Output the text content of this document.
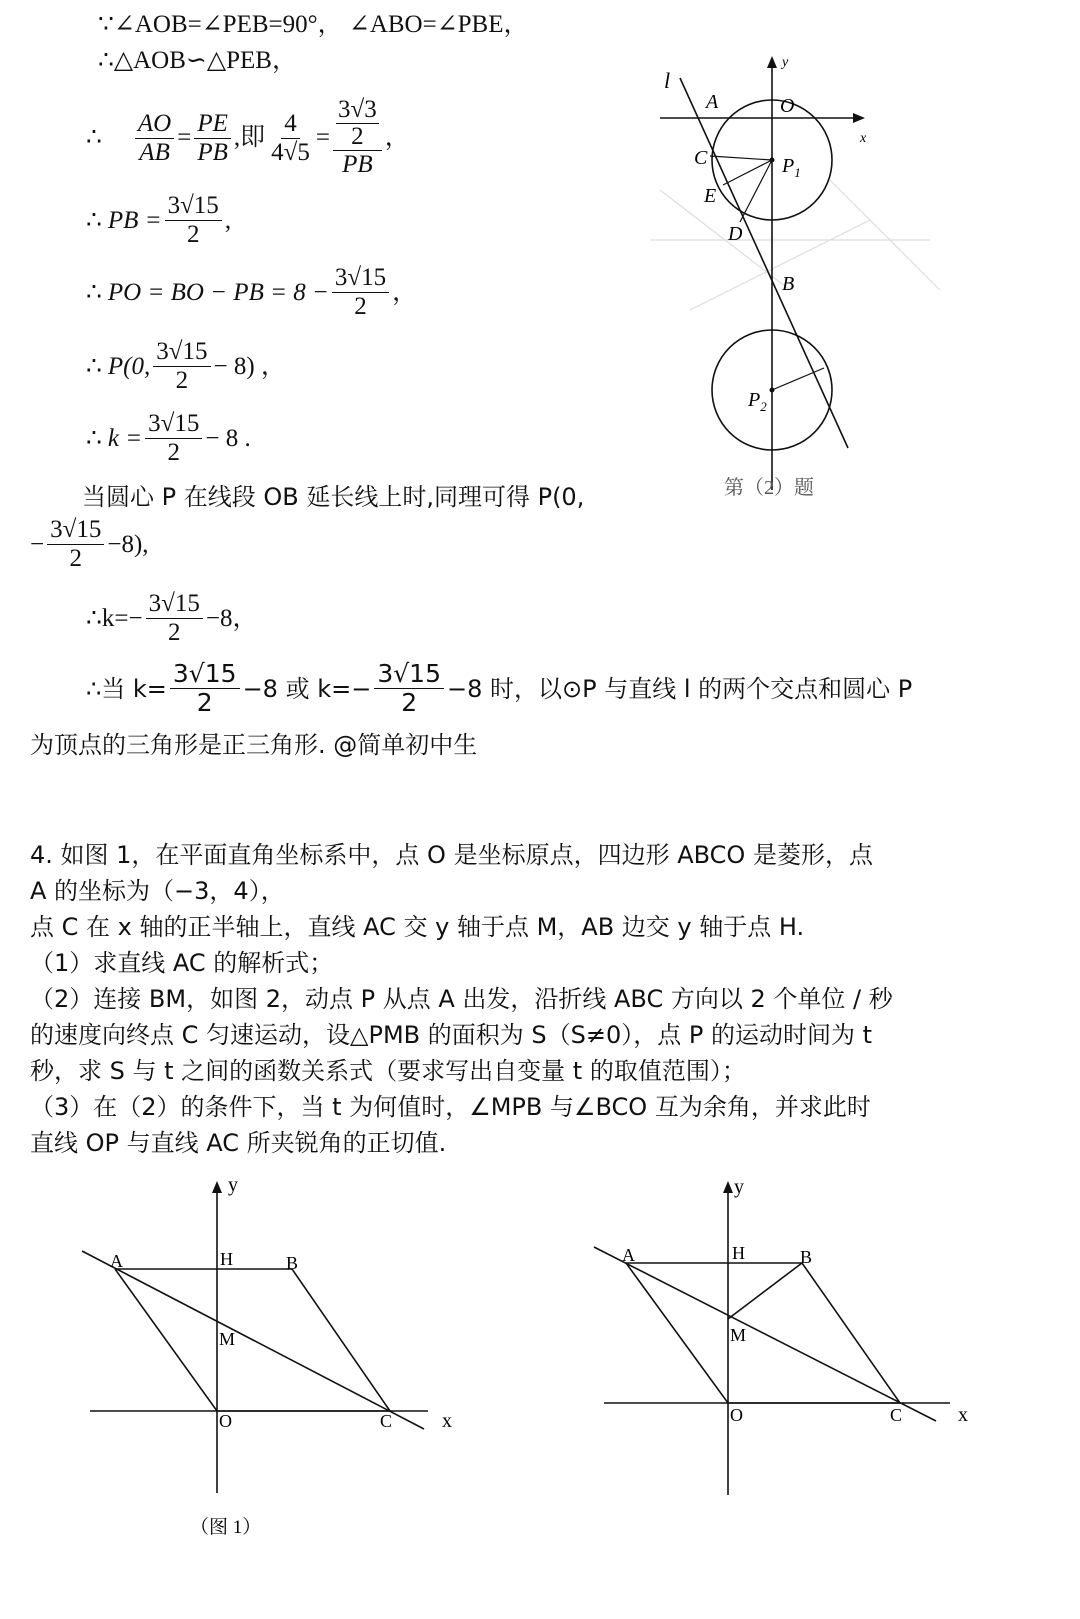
∵∠AOB=∠PEB=90°， ∠ABO=∠PBE，
∴△AOB∽△PEB，
∴ $\frac{AO}{AB} = \frac{PE}{PB}$ ,即 $\frac{4}{4√5} = 3√3$
2
PB ，
∴ PB = $\frac{3√15}{2}$ ,
∴ PO = BO − PB = $8 - \frac{3√15}{2}$ ，
∴ P(0, $\frac{3√15}{2} - 8$) ，
∴ $k = \frac{3√15}{2} - 8$ .
当圆心 P 在线段 OB 延长线上时,同理可得 P(0,
− $\frac{3√15}{2} -8$),
∴k=− $\frac{3√15}{2} -8$，
∴当 $k= \frac{3√15}{2} -8$ 或 $k=- \frac{3√15}{2} -8$ 时，以⊙P 与直线 l 的两个交点和圆心 P
为顶点的三角形是正三角形. @简单初中生
l
A	O
x
y
C	$P_1$
E
D
B
$P_2$
第（2）题
4. 如图 1，在平面直角坐标系中，点 O 是坐标原点，四边形 ABCO 是菱形，点
A 的坐标为（−3，4），
点 C 在 x 轴的正半轴上，直线 AC 交 y 轴于点 M，AB 边交 y 轴于点 H.
（1）求直线 AC 的解析式；
（2）连接 BM，如图 2，动点 P 从点 A 出发，沿折线 ABC 方向以 2 个单位 / 秒
的速度向终点 C 匀速运动，设△PMB 的面积为 S（S≠0），点 P 的运动时间为 t
秒，求 S 与 t 之间的函数关系式（要求写出自变量 t 的取值范围）；
（3）在（2）的条件下，当 t 为何值时，∠MPB 与∠BCO 互为余角，并求此时
直线 OP 与直线 AC 所夹锐角的正切值.
y
x
A	H	B
M
O	C
（图 1）
y
x
A	H	B
M
O	C
